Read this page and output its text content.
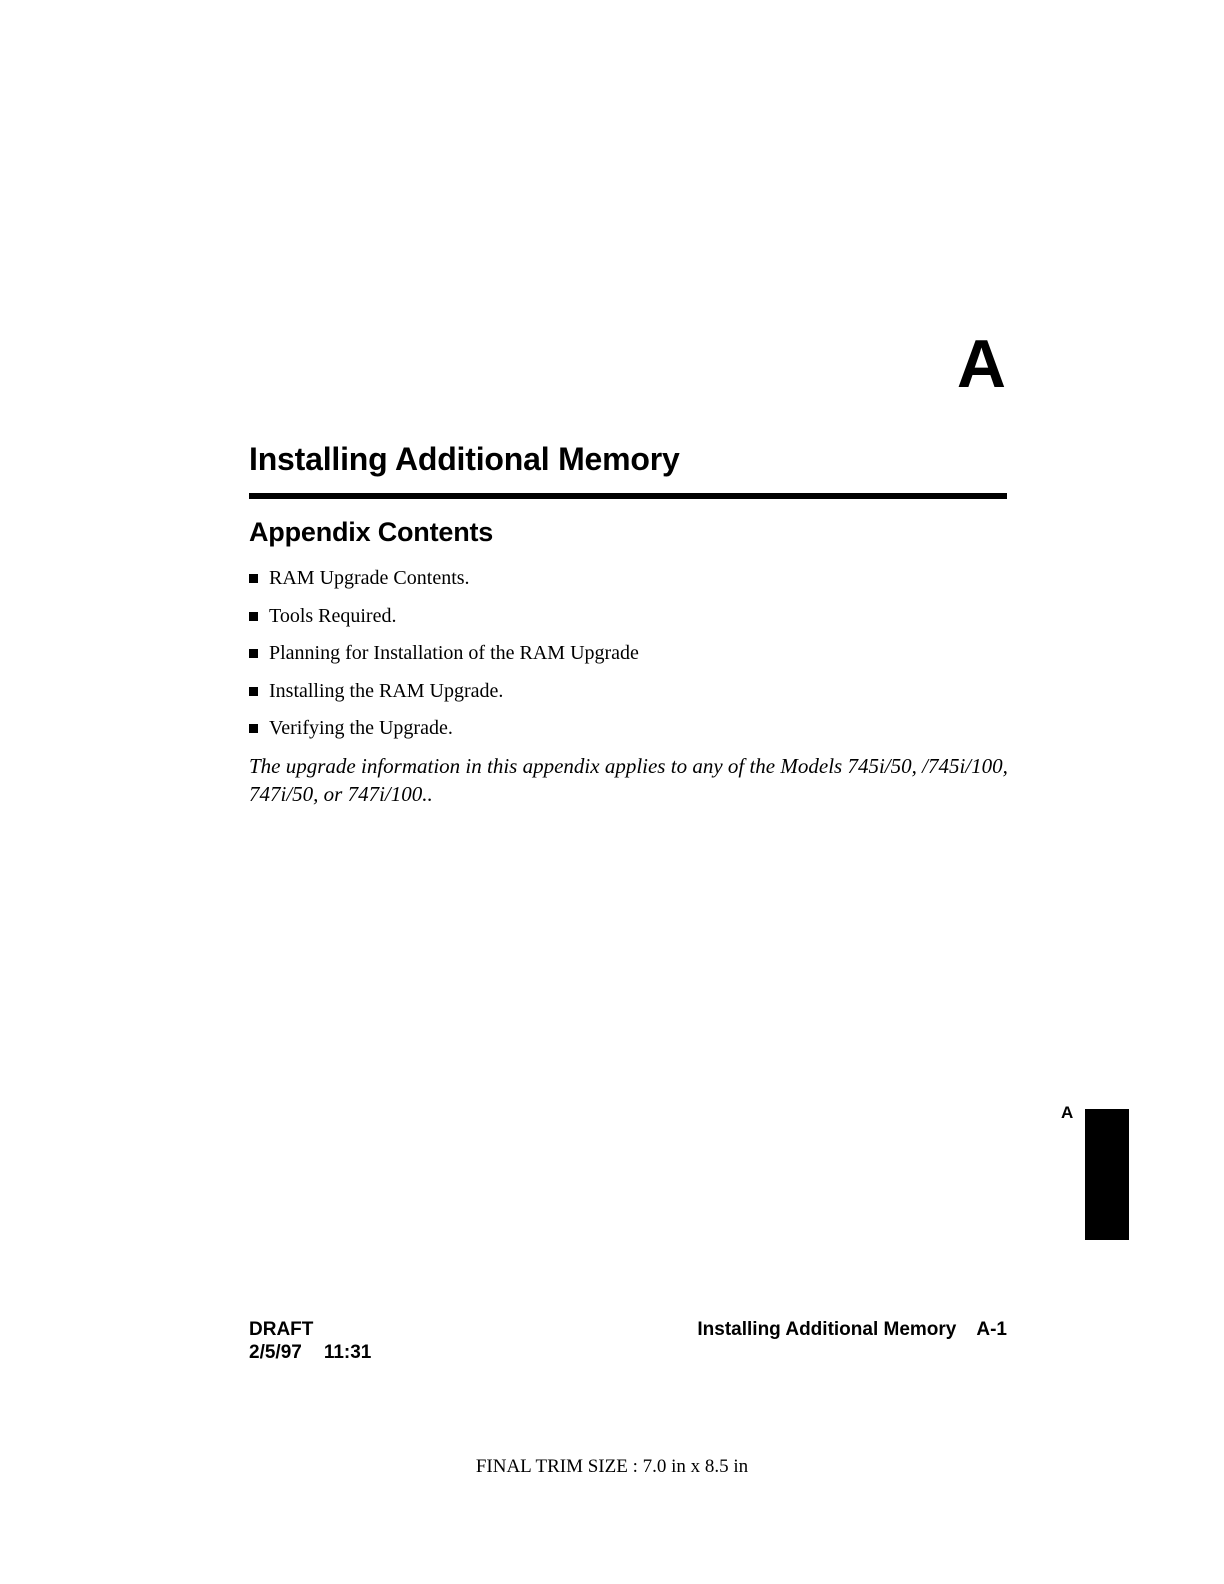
A
Installing Additional Memory
Appendix Contents
RAM Upgrade Contents.
Tools Required.
Planning for Installation of the RAM Upgrade
Installing the RAM Upgrade.
Verifying the Upgrade.

The upgrade information in this appendix applies to any of the Models 745i/50, /745i/100, 747i/50, or 747i/100..

A
DRAFT
2/5/97 11:31
Installing Additional Memory A-1
FINAL TRIM SIZE : 7.0 in x 8.5 in
